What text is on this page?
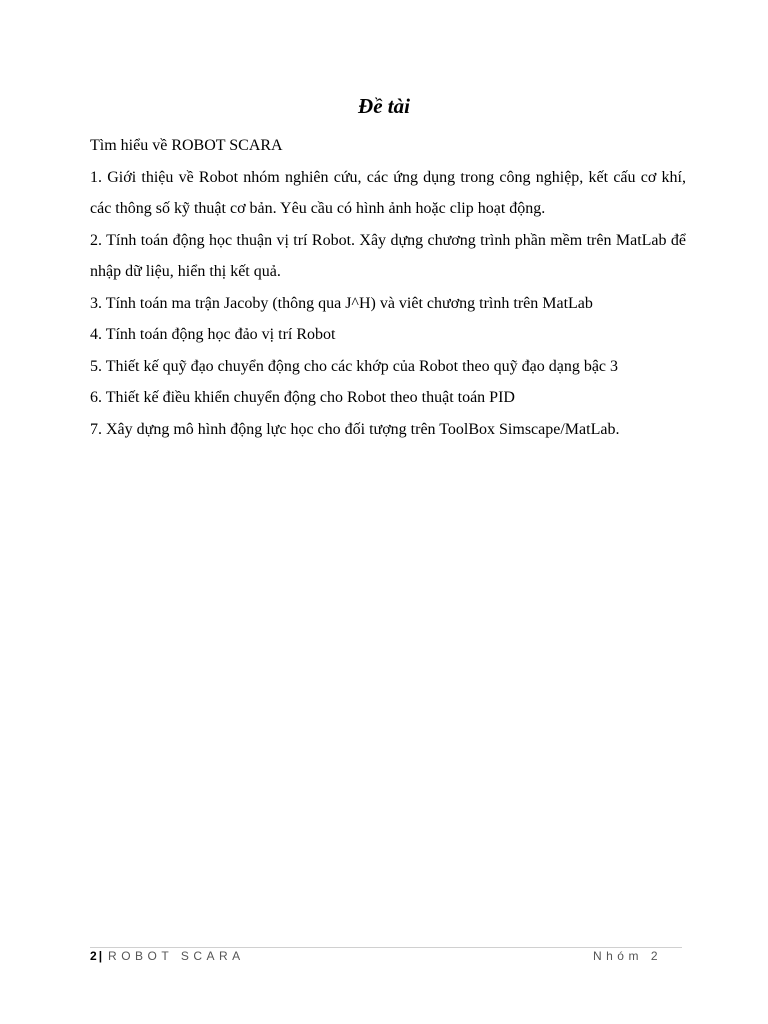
Đề tài

Tìm hiểu về ROBOT SCARA

1. Giới thiệu về Robot nhóm nghiên cứu, các ứng dụng trong công nghiệp, kết cấu cơ khí, các thông số kỹ thuật cơ bản. Yêu cầu có hình ảnh hoặc clip hoạt động.

2. Tính toán động học thuận vị trí Robot. Xây dựng chương trình phần mềm trên MatLab để nhập dữ liệu, hiển thị kết quả.

3. Tính toán ma trận Jacoby (thông qua J^H) và viêt chương trình trên MatLab

4. Tính toán động học đảo vị trí Robot

5. Thiết kế quỹ đạo chuyển động cho các khớp của Robot theo quỹ đạo dạng bậc 3

6. Thiết kế điều khiển chuyển động cho Robot theo thuật toán PID

7. Xây dựng mô hình động lực học cho đối tượng trên ToolBox Simscape/MatLab.

2 | ROBOT SCARA	Nhóm 2
